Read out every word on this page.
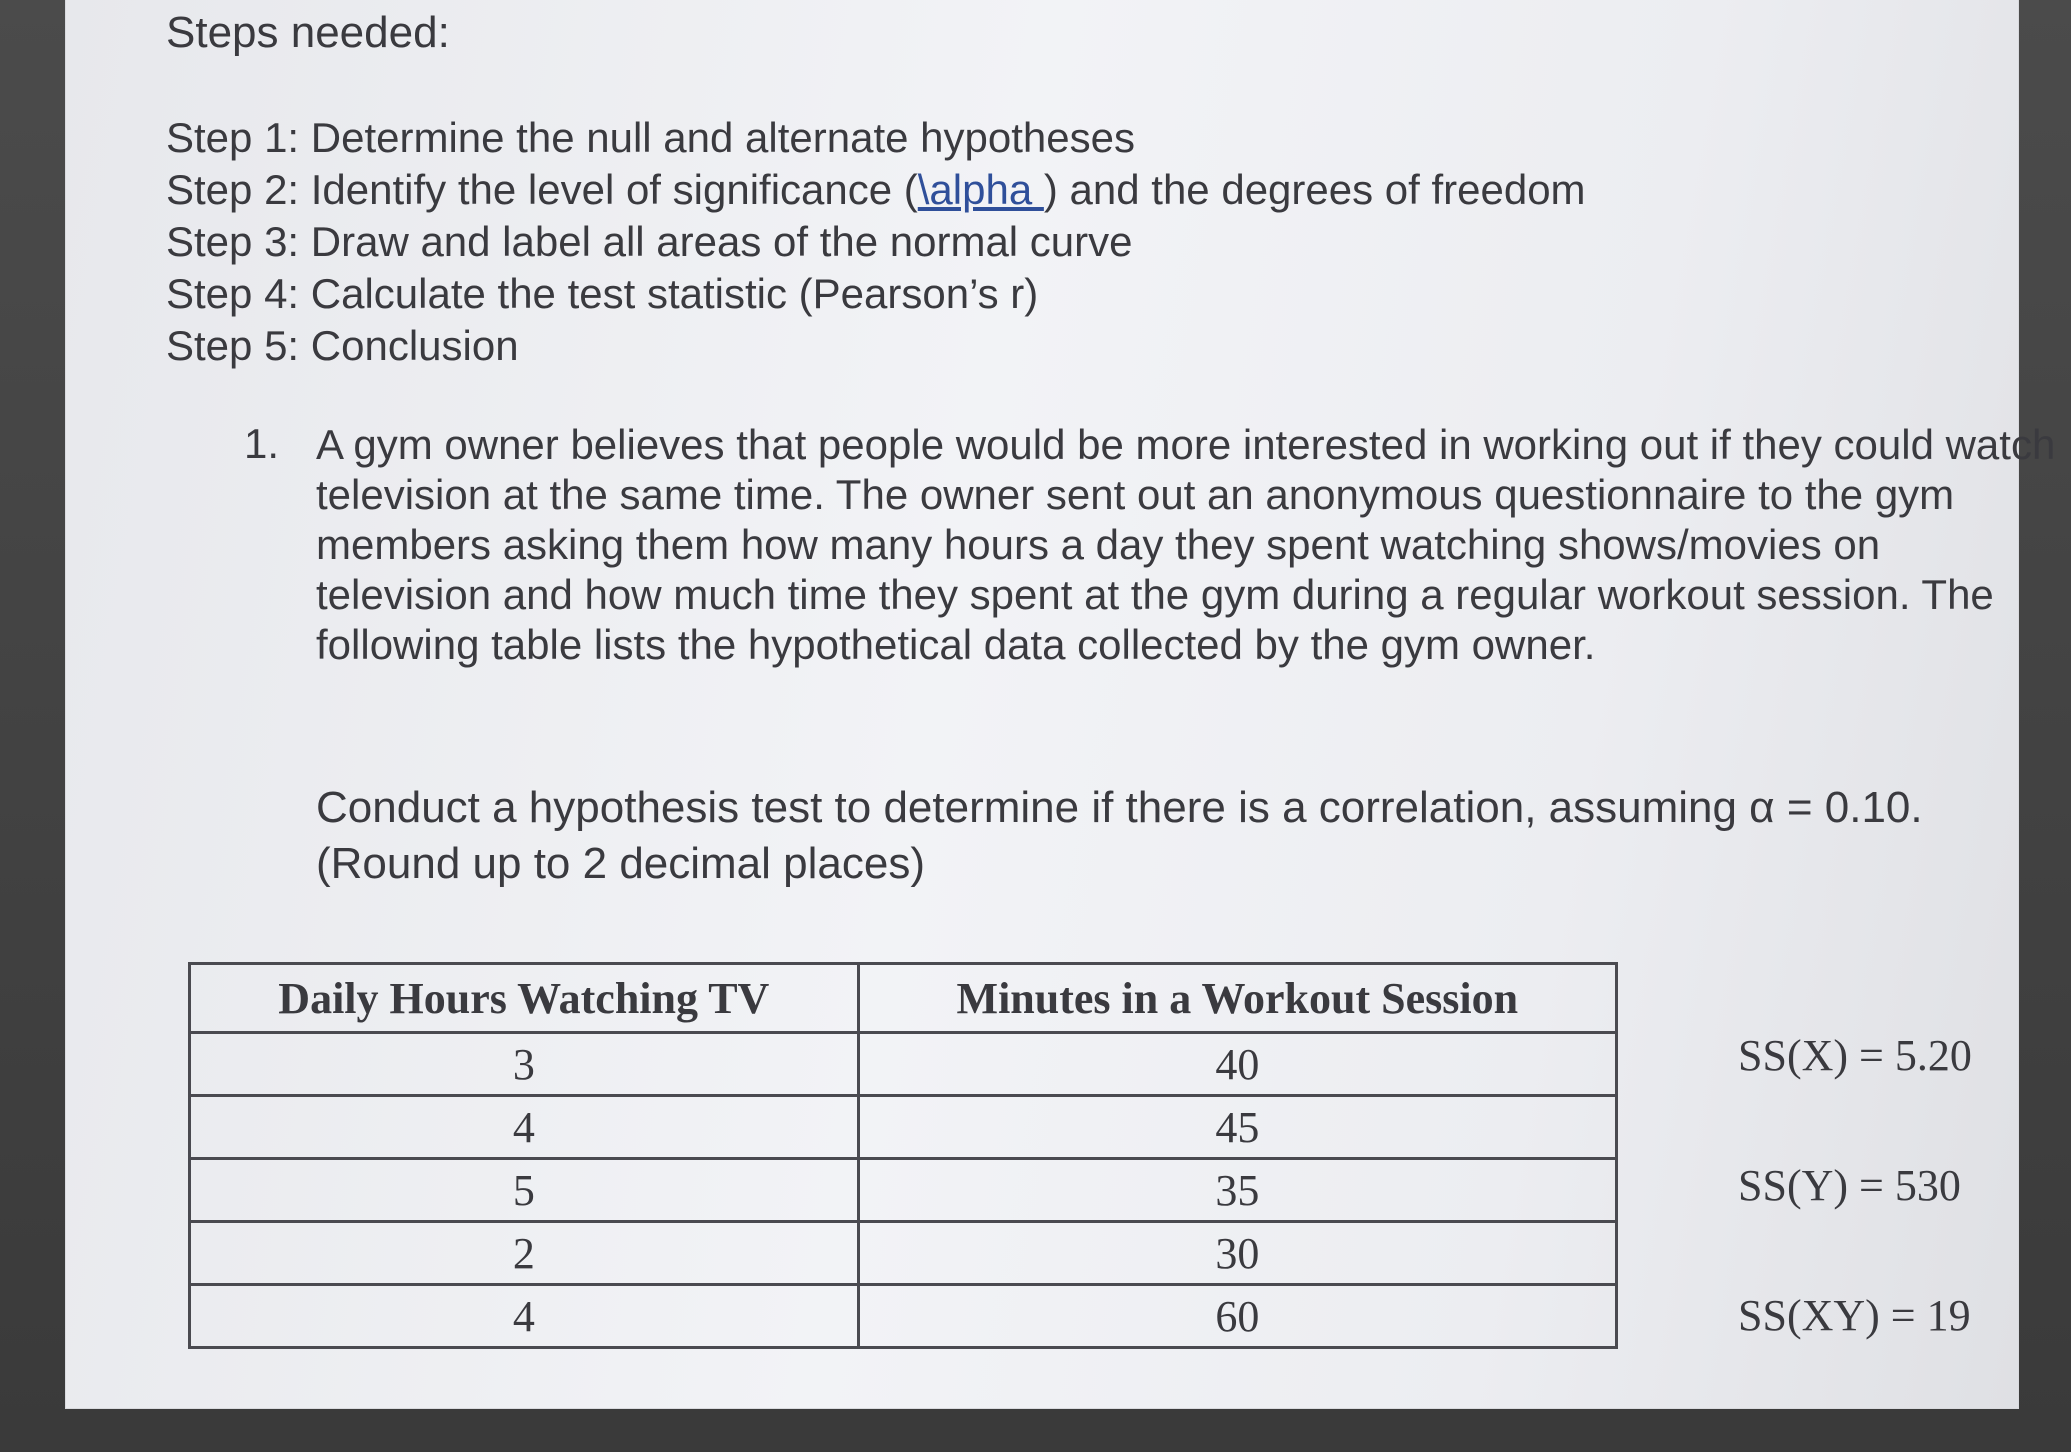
Steps needed:
Step 1: Determine the null and alternate hypotheses
Step 2: Identify the level of significance (\alpha ) and the degrees of freedom
Step 3: Draw and label all areas of the normal curve
Step 4: Calculate the test statistic (Pearson’s r)
Step 5: Conclusion
1. A gym owner believes that people would be more interested in working out if they could watch television at the same time. The owner sent out an anonymous questionnaire to the gym members asking them how many hours a day they spent watching shows/movies on television and how much time they spent at the gym during a regular workout session. The following table lists the hypothetical data collected by the gym owner.

Conduct a hypothesis test to determine if there is a correlation, assuming α = 0.10.
(Round up to 2 decimal places)

Daily Hours Watching TV	Minutes in a Workout Session
3	40
4	45
5	35
2	30
4	60
SS(X) = 5.20
SS(Y) = 530
SS(XY) = 19
